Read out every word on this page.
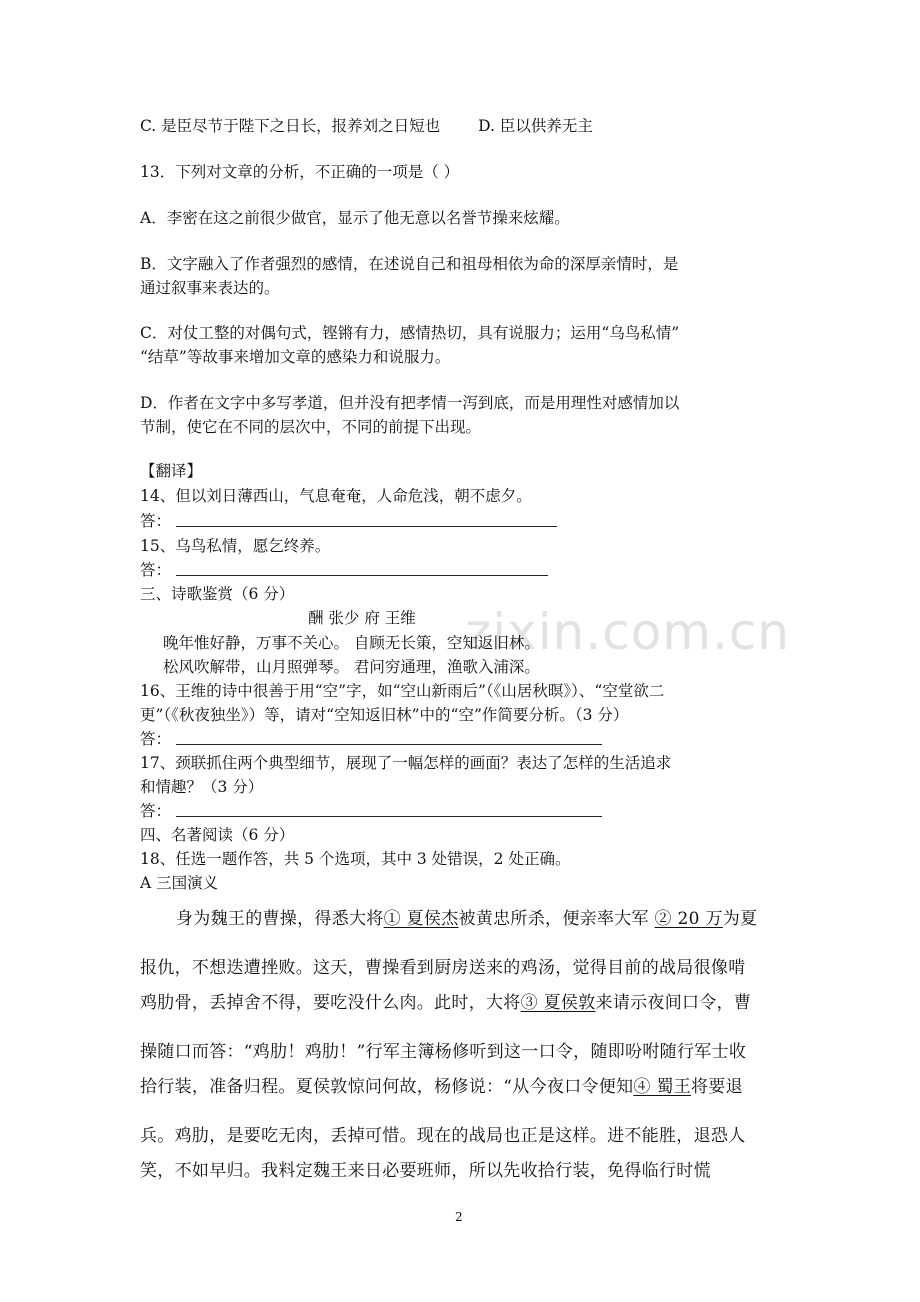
zixin.com.cn
C. 是臣尽节于陛下之日长，报养刘之日短也 D. 臣以供养无主
13．下列对文章的分析，不正确的一项是（ ）
A．李密在这之前很少做官，显示了他无意以名誉节操来炫耀。
B．文字融入了作者强烈的感情，在述说自己和祖母相依为命的深厚亲情时，是
通过叙事来表达的。
C．对仗工整的对偶句式，铿锵有力，感情热切，具有说服力；运用“乌鸟私情”
“结草”等故事来增加文章的感染力和说服力。
D．作者在文字中多写孝道，但并没有把孝情一泻到底，而是用理性对感情加以
节制，使它在不同的层次中，不同的前提下出现。
【翻译】
14、但以刘日薄西山，气息奄奄，人命危浅，朝不虑夕。
答：
15、乌鸟私情，愿乞终养。
答：
三、诗歌鉴赏（6 分）
酬 张少 府 王维
晚年惟好静，万事不关心。 自顾无长策，空知返旧林。
松风吹解带，山月照弹琴。 君问穷通理，渔歌入浦深。
16、王维的诗中很善于用“空”字，如“空山新雨后”（《山居秋暝》）、“空堂欲二
更”（《秋夜独坐》）等，请对“空知返旧林”中的“空”作简要分析。（3 分）
答：
17、颈联抓住两个典型细节，展现了一幅怎样的画面？表达了怎样的生活追求
和情趣？（3 分）
答：
四、名著阅读（6 分）
18、任选一题作答，共 5 个选项，其中 3 处错误，2 处正确。
A 三国演义
身为魏王的曹操，得悉大将① 夏侯杰被黄忠所杀，便亲率大军 ② 20 万为夏
报仇，不想迭遭挫败。这天，曹操看到厨房送来的鸡汤，觉得目前的战局很像啃
鸡肋骨，丢掉舍不得，要吃没什么肉。此时，大将③ 夏侯敦来请示夜间口令，曹
操随口而答：“鸡肋！鸡肋！”行军主簿杨修听到这一口令，随即吩咐随行军士收
拾行装，准备归程。夏侯敦惊问何故，杨修说：“从今夜口令便知④ 蜀王将要退
兵。鸡肋，是要吃无肉，丢掉可惜。现在的战局也正是这样。进不能胜，退恐人
笑，不如早归。我料定魏王来日必要班师，所以先收拾行装，免得临行时慌
2
